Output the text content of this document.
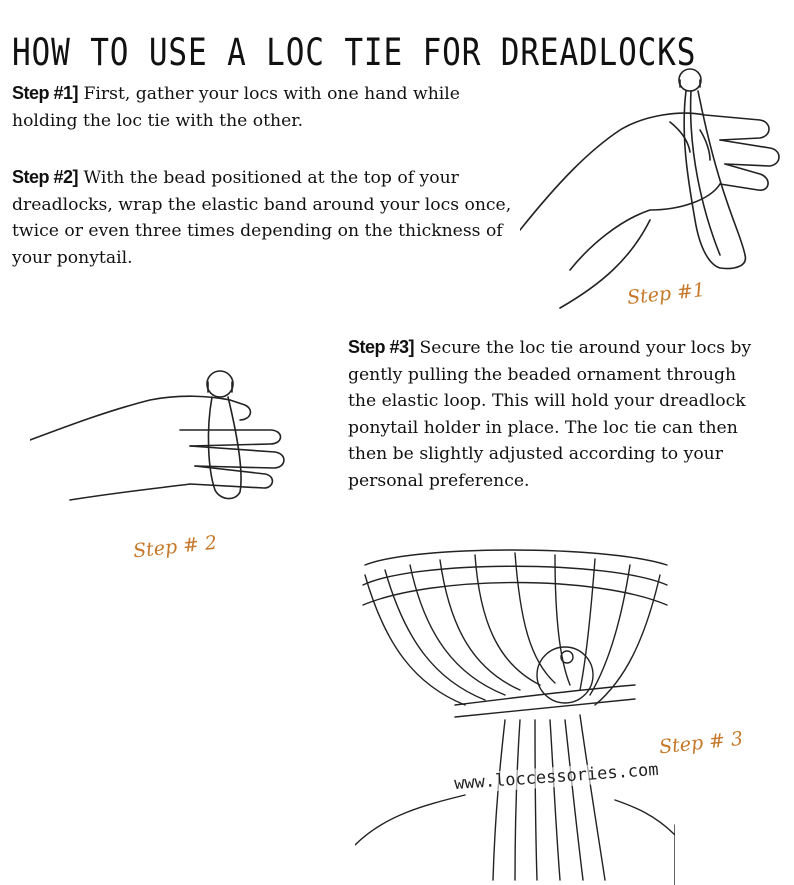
HOW TO USE A LOC TIE FOR DREADLOCKS

Step #1] First, gather your locs with one hand while holding the loc tie with the other.

Step #2] With the bead positioned at the top of your dreadlocks, wrap the elastic band around your locs once, twice or even three times depending on the thickness of your ponytail.

Step #3] Secure the loc tie around your locs by gently pulling the beaded ornament through the elastic loop. This will hold your dreadlock ponytail holder in place. The loc tie can then then be slightly adjusted according to your personal preference.

Step #1
Step # 2
Step # 3
www.loccessories.com
